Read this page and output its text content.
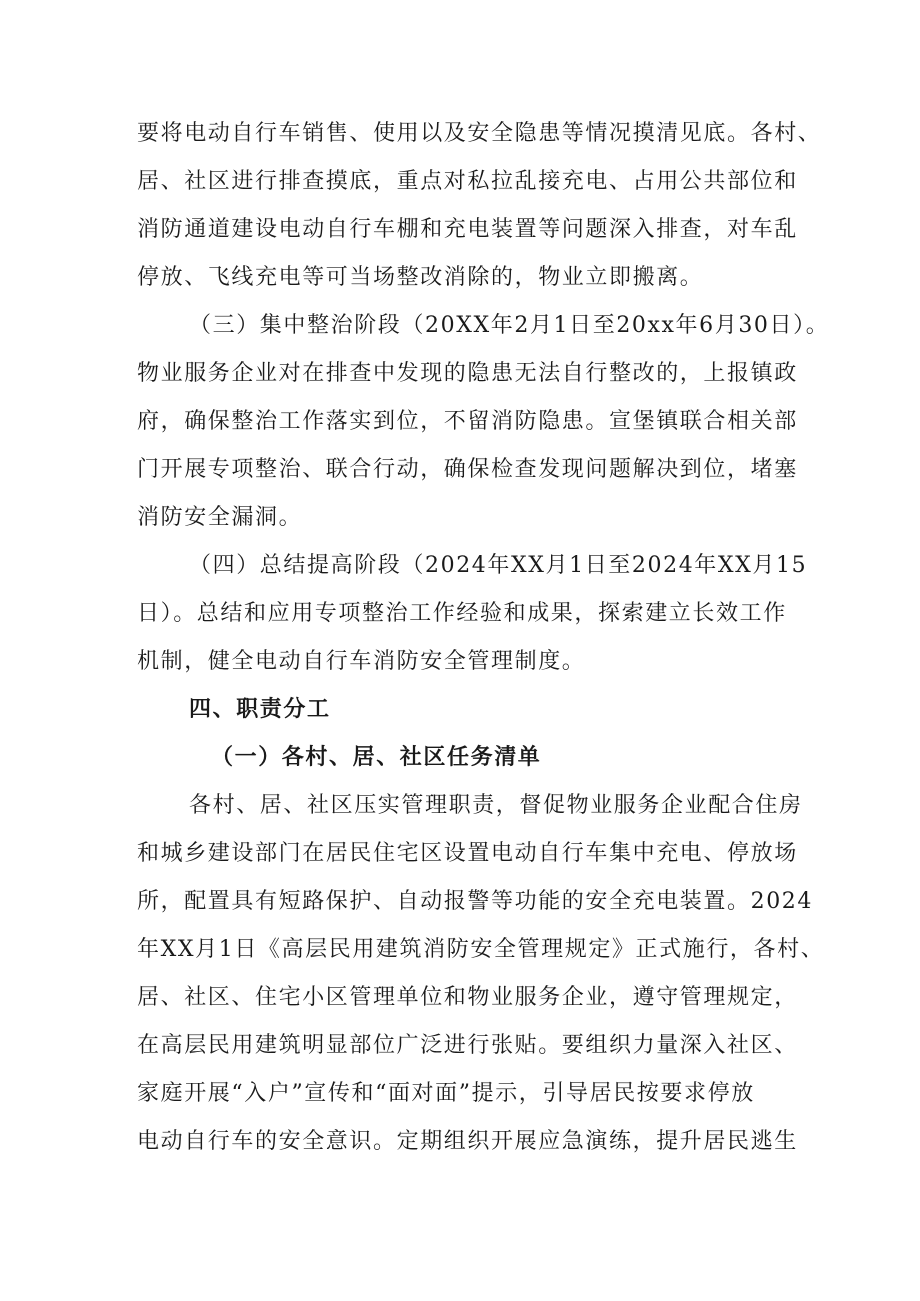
要将电动自行车销售、使用以及安全隐患等情况摸清见底。各村、
居、社区进行排查摸底，重点对私拉乱接充电、占用公共部位和
消防通道建设电动自行车棚和充电装置等问题深入排查，对车乱
停放、飞线充电等可当场整改消除的，物业立即搬离。
（三）集中整治阶段（20XX年2月1日至20xx年6月30日）。
物业服务企业对在排查中发现的隐患无法自行整改的，上报镇政
府，确保整治工作落实到位，不留消防隐患。宣堡镇联合相关部
门开展专项整治、联合行动，确保检查发现问题解决到位，堵塞
消防安全漏洞。
（四）总结提高阶段（2024年XX月1日至2024年XX月15
日）。总结和应用专项整治工作经验和成果，探索建立长效工作
机制，健全电动自行车消防安全管理制度。
四、职责分工
（一）各村、居、社区任务清单
各村、居、社区压实管理职责，督促物业服务企业配合住房
和城乡建设部门在居民住宅区设置电动自行车集中充电、停放场
所，配置具有短路保护、自动报警等功能的安全充电装置。2024
年XX月1日《高层民用建筑消防安全管理规定》正式施行，各村、
居、社区、住宅小区管理单位和物业服务企业，遵守管理规定，
在高层民用建筑明显部位广泛进行张贴。要组织力量深入社区、
家庭开展“入户”宣传和“面对面”提示，引导居民按要求停放
电动自行车的安全意识。定期组织开展应急演练，提升居民逃生
